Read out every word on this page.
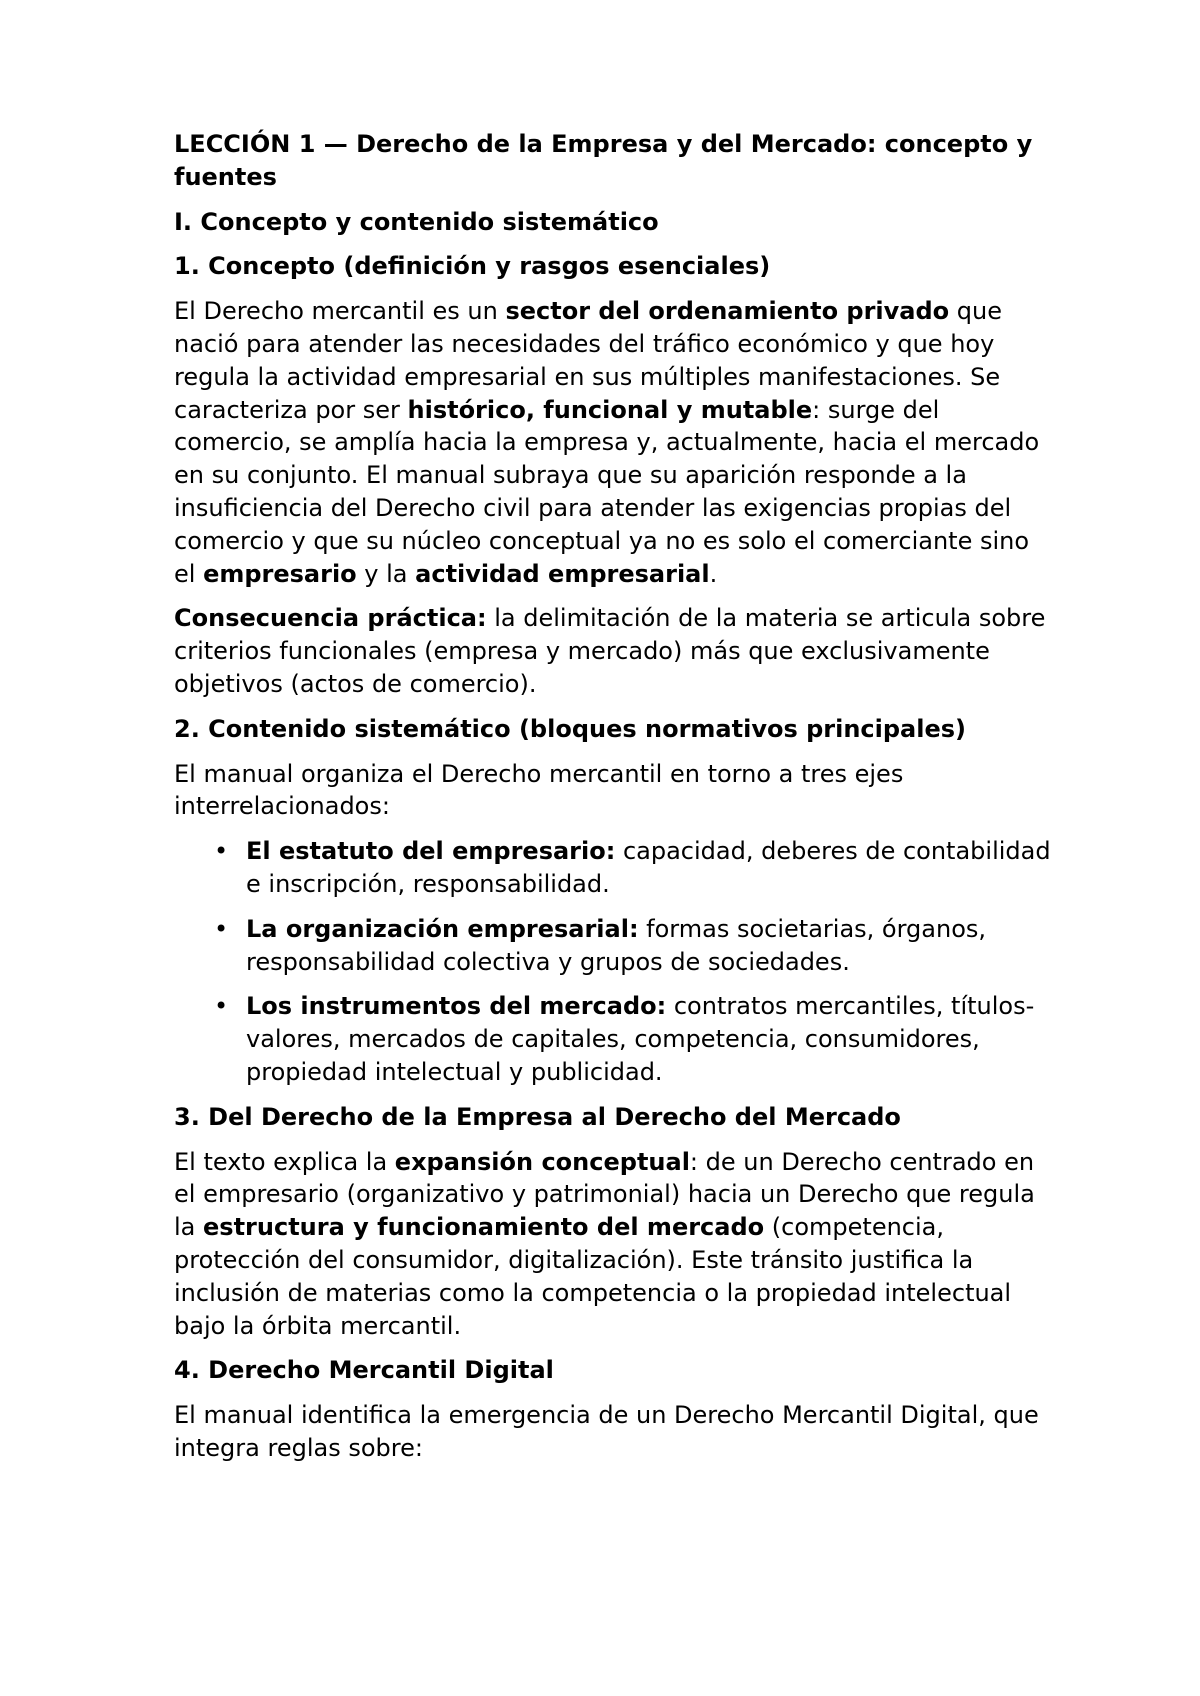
LECCIÓN 1 — Derecho de la Empresa y del Mercado: concepto y fuentes

I. Concepto y contenido sistemático

1. Concepto (definición y rasgos esenciales)

El Derecho mercantil es un sector del ordenamiento privado que nació para atender las necesidades del tráfico económico y que hoy regula la actividad empresarial en sus múltiples manifestaciones. Se caracteriza por ser histórico, funcional y mutable: surge del comercio, se amplía hacia la empresa y, actualmente, hacia el mercado en su conjunto. El manual subraya que su aparición responde a la insuficiencia del Derecho civil para atender las exigencias propias del comercio y que su núcleo conceptual ya no es solo el comerciante sino el empresario y la actividad empresarial.

Consecuencia práctica: la delimitación de la materia se articula sobre criterios funcionales (empresa y mercado) más que exclusivamente objetivos (actos de comercio).

2. Contenido sistemático (bloques normativos principales)

El manual organiza el Derecho mercantil en torno a tres ejes interrelacionados:

• El estatuto del empresario: capacidad, deberes de contabilidad e inscripción, responsabilidad.
• La organización empresarial: formas societarias, órganos, responsabilidad colectiva y grupos de sociedades.
• Los instrumentos del mercado: contratos mercantiles, títulos-valores, mercados de capitales, competencia, consumidores, propiedad intelectual y publicidad.

3. Del Derecho de la Empresa al Derecho del Mercado

El texto explica la expansión conceptual: de un Derecho centrado en el empresario (organizativo y patrimonial) hacia un Derecho que regula la estructura y funcionamiento del mercado (competencia, protección del consumidor, digitalización). Este tránsito justifica la inclusión de materias como la competencia o la propiedad intelectual bajo la órbita mercantil.

4. Derecho Mercantil Digital

El manual identifica la emergencia de un Derecho Mercantil Digital, que integra reglas sobre:
